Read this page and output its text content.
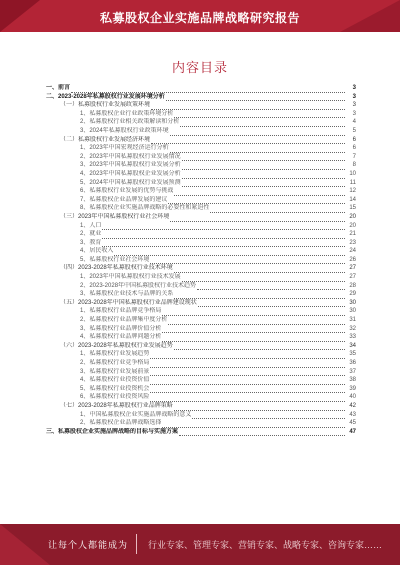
私募股权企业实施品牌战略研究报告
内容目录
一、前言	3
二、2023-2028年私募股权行业发展环境分析	3
（一）私募股权行业发展政策环境	3
1、私募股权企业行业政策环境分析	3
2、私募股权行业相关政策解读和分析	4
3、2024年私募股权行业政策环境	5
（二）私募股权行业发展经济环境	6
1、2023年中国宏观经济运行分析	6
2、2023年中国私募股权行业发展情况	7
3、2023年中国私募股权行业发展分析	8
4、2023年中国私募股权企业发展分析	10
5、2024年中国私募股权行业发展预测	11
6、私募股权行业发展的优势与挑战	12
7、私募股权企业品牌发展的建议	14
8、私募股权企业实施品牌战略的必要性和紧迫性	15
（三）2023年中国私募股权行业社会环境	20
1、人口	20
2、就业	21
3、教育	23
4、居民收入	24
5、私募股权行业社会环境	26
（四）2023-2028年私募股权行业技术环境	27
1、2023年中国私募股权行业技术发展	27
2、2023-2028年中国私募股权行业技术趋势	28
3、私募股权企业技术与品牌的关系	29
（五）2023-2028年中国私募股权行业品牌建设现状	30
1、私募股权行业品牌竞争格局	30
2、私募股权行业品牌集中度分析	31
3、私募股权行业品牌价值分析	32
4、私募股权行业品牌问题分析	33
（六）2023-2028年私募股权行业发展趋势	34
1、私募股权行业发展趋势	35
2、私募股权行业竞争格局	36
3、私募股权行业发展前景	37
4、私募股权行业投资价值	38
5、私募股权行业投资机会	39
6、私募股权行业投资风险	40
（七）2023-2028年私募股权行业品牌策略	42
1、中国私募股权企业实施品牌战略的意义	43
2、私募股权企业品牌战略选择	45
三、私募股权企业实施品牌战略的目标与实施方案	47
让每个人都能成为 行业专家、管理专家、营销专家、战略专家、咨询专家……
